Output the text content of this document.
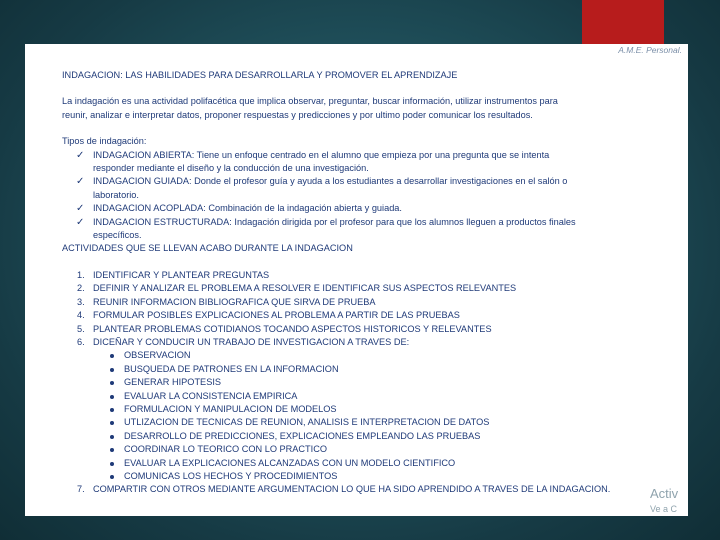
A.M.E. Personal.

INDAGACION: LAS HABILIDADES PARA DESARROLLARLA Y PROMOVER EL APRENDIZAJE

La indagación es una actividad polifacética que implica observar, preguntar, buscar información, utilizar instrumentos para
reunir, analizar e interpretar datos, proponer respuestas y predicciones y por ultimo poder comunicar los resultados.
Tipos de indagación:
✓ INDAGACION ABIERTA: Tiene un enfoque centrado en el alumno que empieza por una pregunta que se intenta
responder mediante el diseño y la conducción de una investigación.
✓ INDAGACION GUIADA: Donde el profesor guía y ayuda a los estudiantes a desarrollar investigaciones en el salón o
laboratorio.
✓ INDAGACION ACOPLADA: Combinación de la indagación abierta y guiada.
✓ INDAGACION ESTRUCTURADA: Indagación dirigida por el profesor para que los alumnos lleguen a productos finales
específicos.
ACTIVIDADES QUE SE LLEVAN ACABO DURANTE LA INDAGACION
1. IDENTIFICAR Y PLANTEAR PREGUNTAS
2. DEFINIR Y ANALIZAR EL PROBLEMA A RESOLVER E IDENTIFICAR SUS ASPECTOS RELEVANTES
3. REUNIR INFORMACION BIBLIOGRAFICA QUE SIRVA DE PRUEBA
4. FORMULAR POSIBLES EXPLICACIONES AL PROBLEMA A PARTIR DE LAS PRUEBAS
5. PLANTEAR PROBLEMAS COTIDIANOS TOCANDO ASPECTOS HISTORICOS Y RELEVANTES
6. DICEÑAR Y CONDUCIR UN TRABAJO DE INVESTIGACION A TRAVES DE:
OBSERVACION
BUSQUEDA DE PATRONES EN LA INFORMACION
GENERAR HIPOTESIS
EVALUAR LA CONSISTENCIA EMPIRICA
FORMULACION Y MANIPULACION DE MODELOS
UTLIZACION DE TECNICAS DE REUNION, ANALISIS E INTERPRETACION DE DATOS
DESARROLLO DE PREDICCIONES, EXPLICACIONES EMPLEANDO LAS PRUEBAS
COORDINAR LO TEORICO CON LO PRACTICO
EVALUAR LA EXPLICACIONES ALCANZADAS CON UN MODELO CIENTIFICO
COMUNICAS LOS HECHOS Y PROCEDIMIENTOS
7. COMPARTIR CON OTROS MEDIANTE ARGUMENTACION LO QUE HA SIDO APRENDIDO A TRAVES DE LA INDAGACION.	Activ
Ve a C
